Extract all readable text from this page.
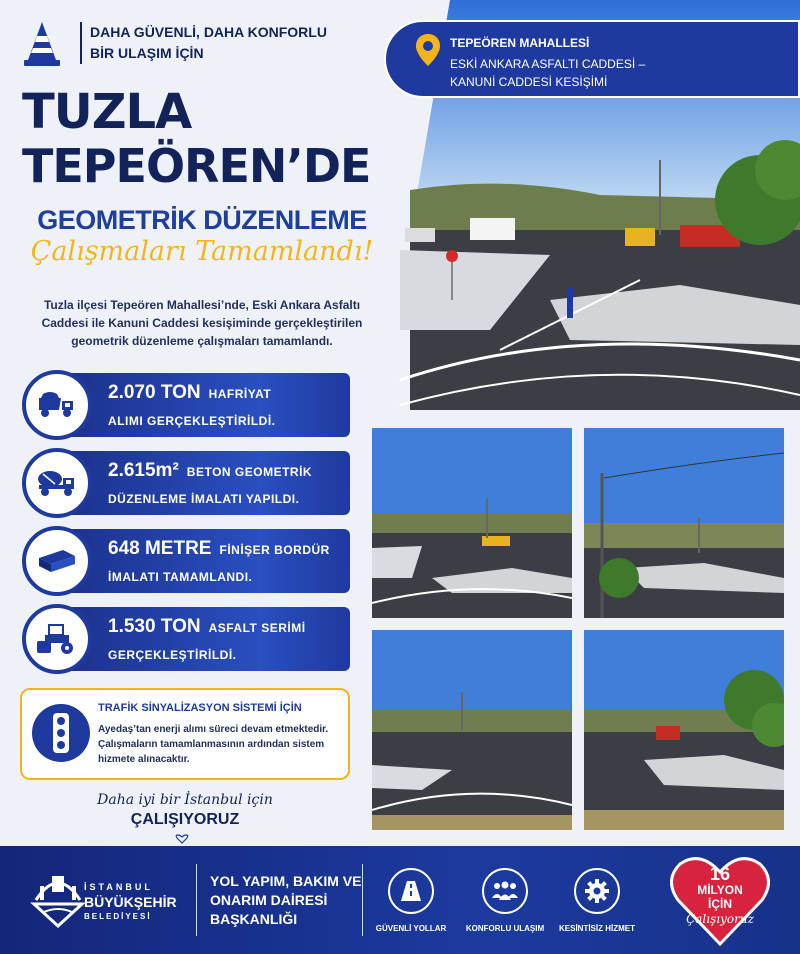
DAHA GÜVENLİ, DAHA KONFORLU
BİR ULAŞIM İÇİN
TUZLA
TEPEÖREN’DE
GEOMETRİK DÜZENLEME
Çalışmaları Tamamlandı!
Tuzla ilçesi Tepeören Mahallesi’nde, Eski Ankara Asfaltı Caddesi ile Kanuni Caddesi kesişiminde gerçekleştirilen geometrik düzenleme çalışmaları tamamlandı.
2.070 TON HAFRİYAT
ALIMI GERÇEKLEŞTİRİLDİ.
2.615m² BETON GEOMETRİK
DÜZENLEME İMALATI YAPILDI.
648 METRE FİNİŞER BORDÜR
İMALATI TAMAMLANDI.
1.530 TON ASFALT SERİMİ
GERÇEKLEŞTİRİLDİ.
TRAFİK SİNYALİZASYON SİSTEMİ İÇİN
Ayedaş’tan enerji alımı süreci devam etmektedir. Çalışmaların tamamlanmasının ardından sistem hizmete alınacaktır.
Daha iyi bir İstanbul için
ÇALIŞIYORUZ
TEPEÖREN MAHALLESİ
ESKİ ANKARA ASFALTI CADDESİ –
KANUNİ CADDESİ KESİŞİMİ
İSTANBUL
BÜYÜKŞEHİR
BELEDİYESİ
YOL YAPIM, BAKIM VE ONARIM DAİRESİ BAŞKANLIĞI
GÜVENLİ YOLLAR	KONFORLU ULAŞIM	KESİNTİSİZ HİZMET
16
MİLYON
İÇİN
Çalışıyoruz
